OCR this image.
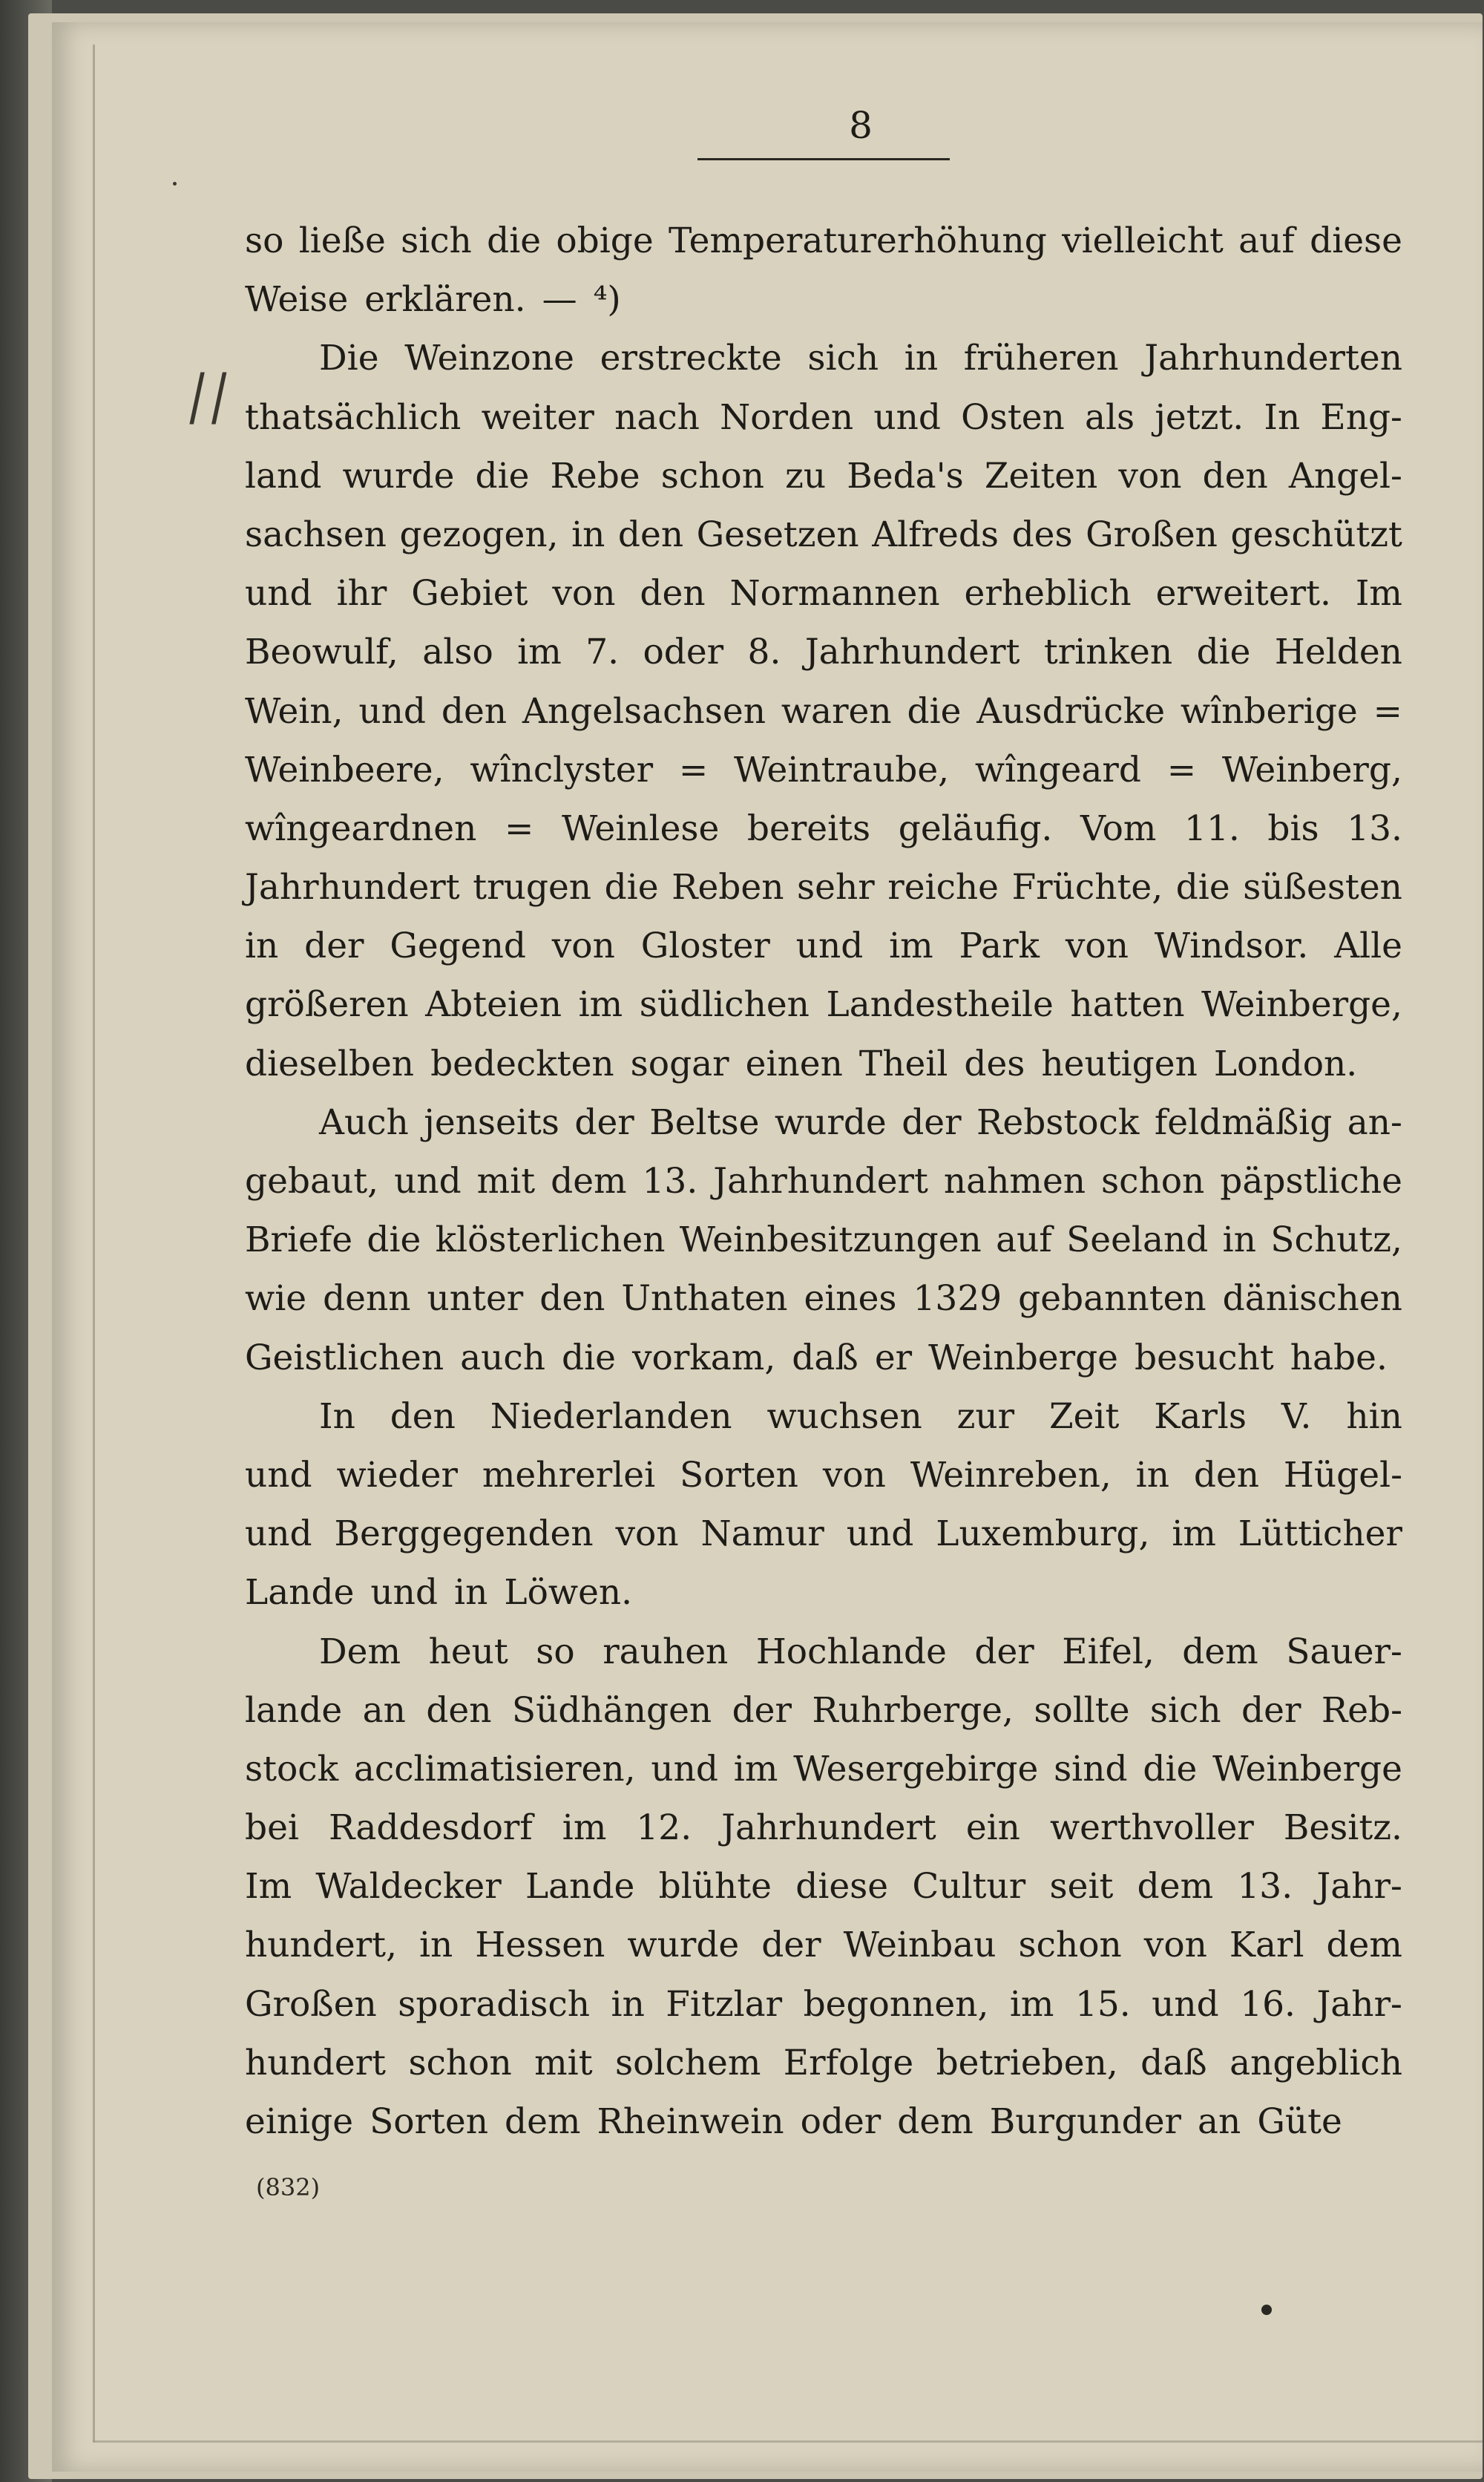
8
||
so ließe sich die obige Temperaturerhöhung vielleicht auf diese
Weise erklären. — ⁴)
Die Weinzone erstreckte sich in früheren Jahrhunderten
thatsächlich weiter nach Norden und Osten als jetzt. In Eng-
land wurde die Rebe schon zu Beda's Zeiten von den Angel-
sachsen gezogen, in den Gesetzen Alfreds des Großen geschützt
und ihr Gebiet von den Normannen erheblich erweitert. Im
Beowulf, also im 7. oder 8. Jahrhundert trinken die Helden
Wein, und den Angelsachsen waren die Ausdrücke wînberige =
Weinbeere, wînclyster = Weintraube, wîngeard = Weinberg,
wîngeardnen = Weinlese bereits geläufig. Vom 11. bis 13.
Jahrhundert trugen die Reben sehr reiche Früchte, die süßesten
in der Gegend von Gloster und im Park von Windsor. Alle
größeren Abteien im südlichen Landestheile hatten Weinberge,
dieselben bedeckten sogar einen Theil des heutigen London.
Auch jenseits der Beltse wurde der Rebstock feldmäßig an-
gebaut, und mit dem 13. Jahrhundert nahmen schon päpstliche
Briefe die klösterlichen Weinbesitzungen auf Seeland in Schutz,
wie denn unter den Unthaten eines 1329 gebannten dänischen
Geistlichen auch die vorkam, daß er Weinberge besucht habe.
In den Niederlanden wuchsen zur Zeit Karls V. hin
und wieder mehrerlei Sorten von Weinreben, in den Hügel-
und Berggegenden von Namur und Luxemburg, im Lütticher
Lande und in Löwen.
Dem heut so rauhen Hochlande der Eifel, dem Sauer-
lande an den Südhängen der Ruhrberge, sollte sich der Reb-
stock acclimatisieren, und im Wesergebirge sind die Weinberge
bei Raddesdorf im 12. Jahrhundert ein werthvoller Besitz.
Im Waldecker Lande blühte diese Cultur seit dem 13. Jahr-
hundert, in Hessen wurde der Weinbau schon von Karl dem
Großen sporadisch in Fitzlar begonnen, im 15. und 16. Jahr-
hundert schon mit solchem Erfolge betrieben, daß angeblich
einige Sorten dem Rheinwein oder dem Burgunder an Güte
(832)
